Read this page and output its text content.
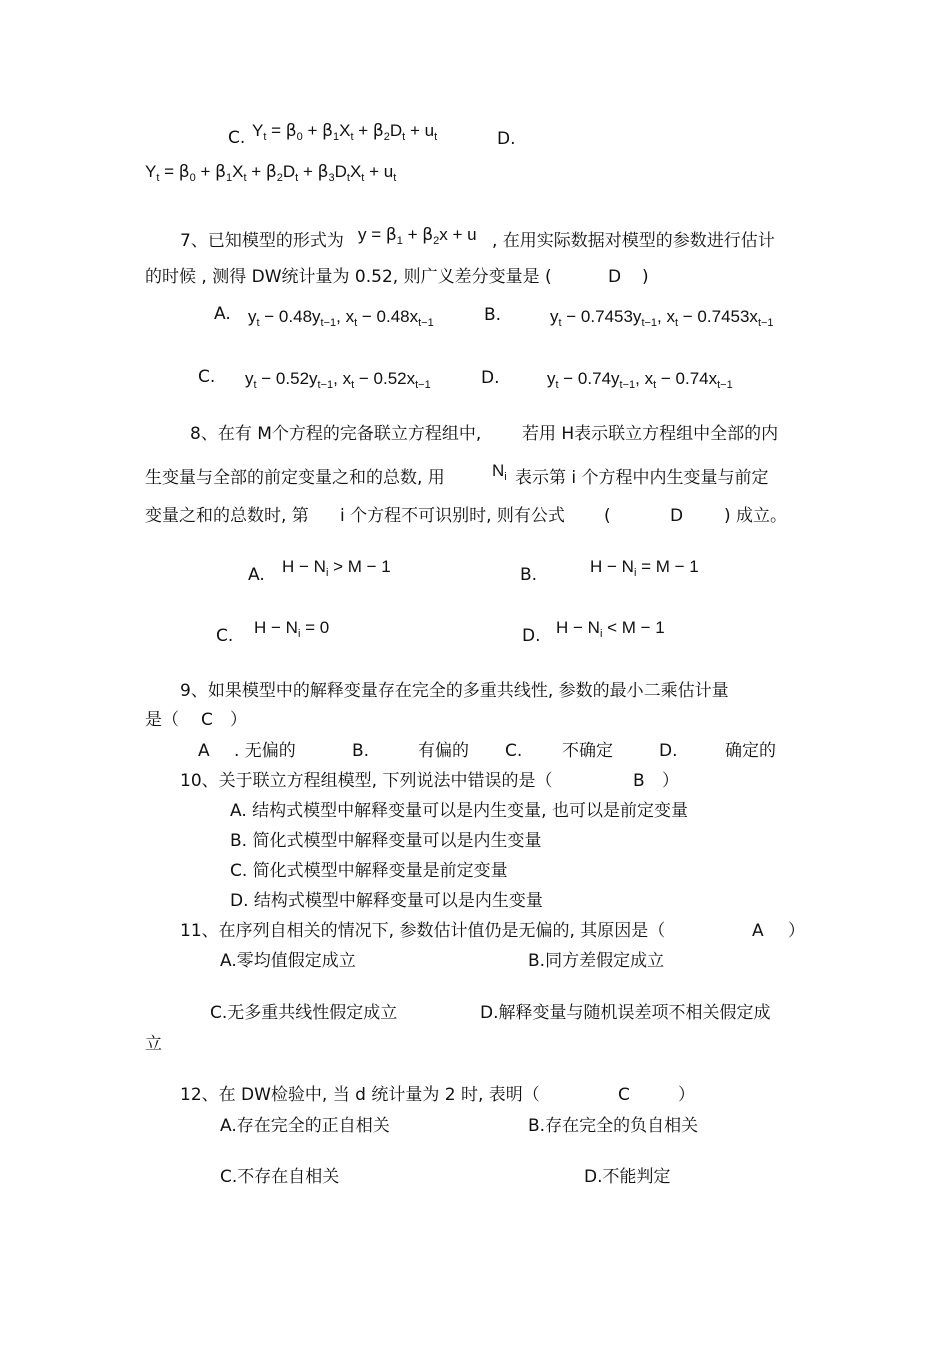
C. $Y_t = \beta_0 + \beta_1X_t + \beta_2D_t + u_t$	D.
$Y_t = \beta_0 + \beta_1X_t + \beta_2D_t + \beta_3D_tX_t + u_t$
7、已知模型的形式为 $y = \beta_1 + \beta_2x + u$ , 在用实际数据对模型的参数进行估计
的时候 , 测得 DW统计量为 0.52, 则广义差分变量是 (	D )
A. $y_t - 0.48y_{t-1}$, $x_t - 0.48x_{t-1}$	B.	$y_t - 0.7453y_{t-1}$, $x_t - 0.7453x_{t-1}$
C. $y_t - 0.52y_{t-1}$, $x_t - 0.52x_{t-1}$	D.	$y_t - 0.74y_{t-1}$, $x_t - 0.74x_{t-1}$
8、在有 M个方程的完备联立方程组中, 若用 H表示联立方程组中全部的内
生变量与全部的前定变量之和的总数, 用	$N_i$ 表示第 i 个方程中内生变量与前定
变量之和的总数时, 第 i 个方程不可识别时, 则有公式 (	D ) 成立。
A. $H - N_i > M - 1$	B.	$H - N_i = M - 1$
C. $H - N_i = 0$	D. $H - N_i < M - 1$
9、如果模型中的解释变量存在完全的多重共线性, 参数的最小二乘估计量
是（ C ）
A . 无偏的	B.	有偏的 C. 不确定	D.	确定的
10、关于联立方程组模型, 下列说法中错误的是（	B ）
A. 结构式模型中解释变量可以是内生变量, 也可以是前定变量
B. 简化式模型中解释变量可以是内生变量
C. 简化式模型中解释变量是前定变量
D. 结构式模型中解释变量可以是内生变量
11、在序列自相关的情况下, 参数估计值仍是无偏的, 其原因是（	A ）
A.零均值假定成立	B.同方差假定成立
C.无多重共线性假定成立	D.解释变量与随机误差项不相关假定成
立
12、在 DW检验中, 当 d 统计量为 2 时, 表明（	C	）
A.存在完全的正自相关	B.存在完全的负自相关
C.不存在自相关	D.不能判定
